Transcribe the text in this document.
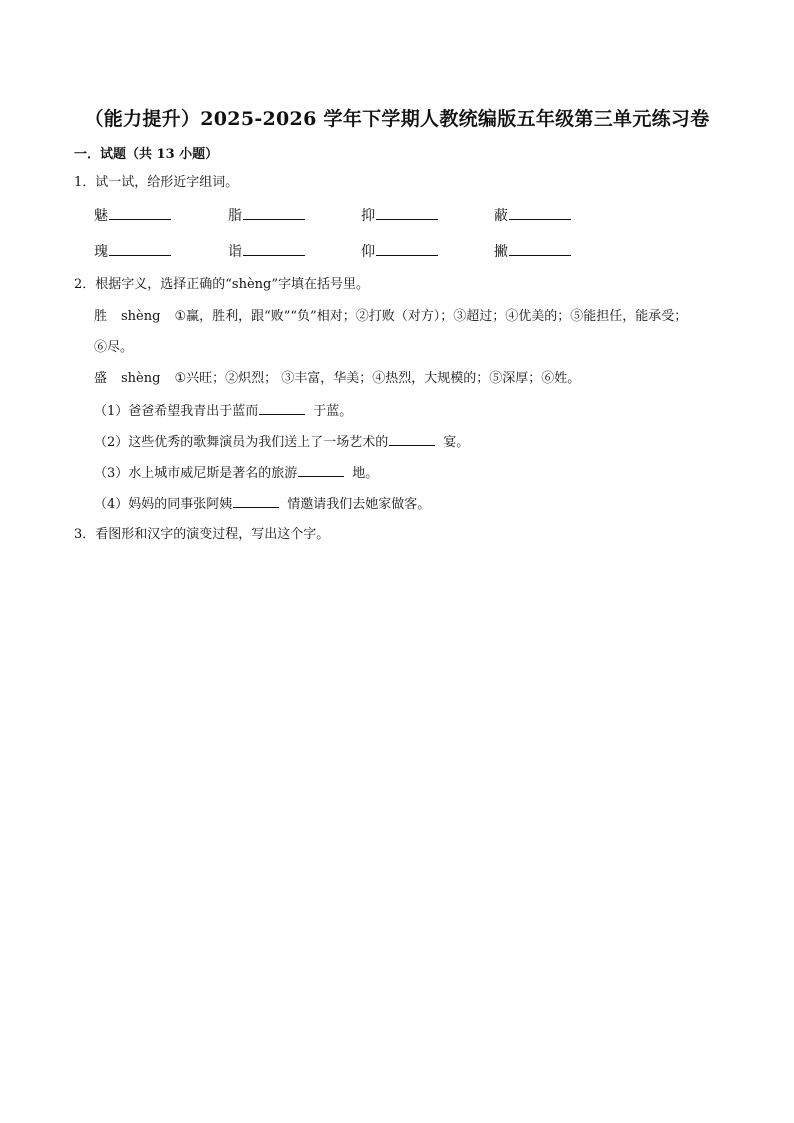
（能力提升）2025-2026 学年下学期人教统编版五年级第三单元练习卷
一．试题（共 13 小题）
1．试一试，给形近字组词。
魅	脂	抑	蔽
瑰	诣	仰	撇
2．根据字义，选择正确的“shèng”字填在括号里。
胜 shèng ①赢，胜利，跟“败”“负”相对；②打败（对方）；③超过；④优美的；⑤能担任，能承受；
⑥尽。
盛 shèng ①兴旺；②炽烈； ③丰富，华美；④热烈，大规模的；⑤深厚；⑥姓。
（1）爸爸希望我青出于蓝而	于蓝。
（2）这些优秀的歌舞演员为我们送上了一场艺术的	宴。
（3）水上城市威尼斯是著名的旅游	地。
（4）妈妈的同事张阿姨	情邀请我们去她家做客。
3．看图形和汉字的演变过程，写出这个字。
